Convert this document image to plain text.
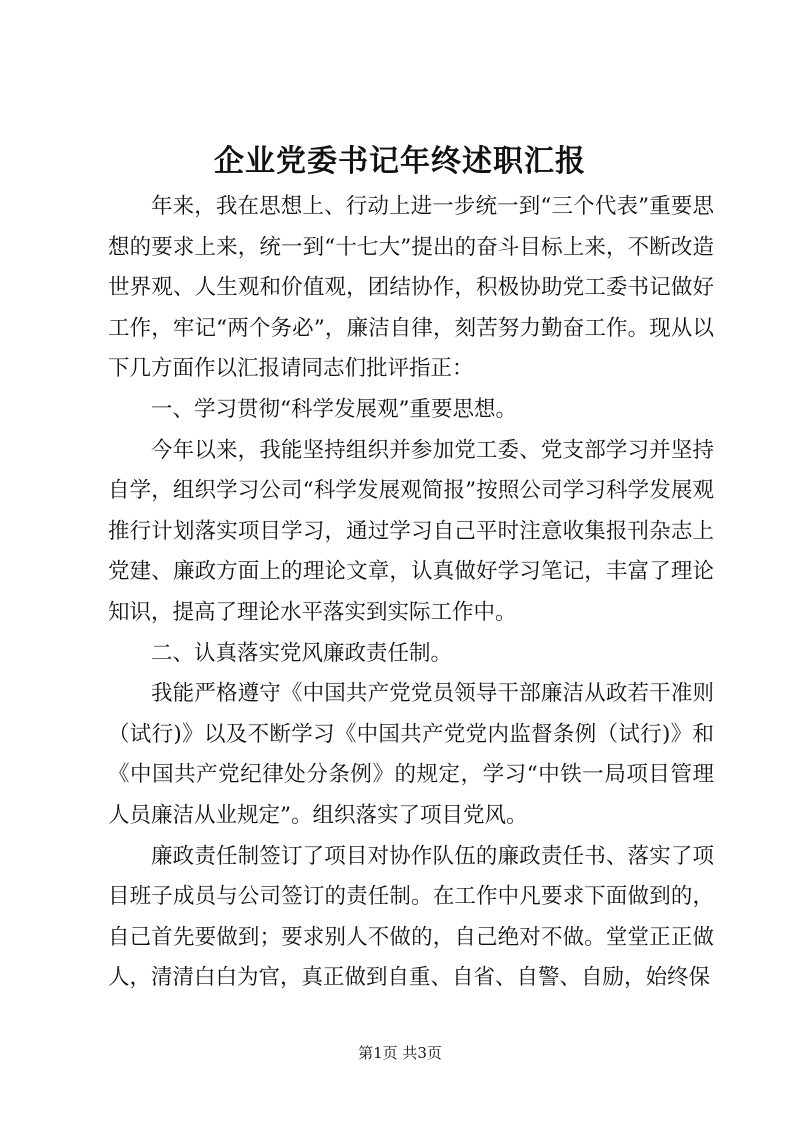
企业党委书记年终述职汇报

年来，我在思想上、行动上进一步统一到“三个代表”重要思想的要求上来，统一到“十七大”提出的奋斗目标上来，不断改造世界观、人生观和价值观，团结协作，积极协助党工委书记做好工作，牢记“两个务必”，廉洁自律，刻苦努力勤奋工作。现从以下几方面作以汇报请同志们批评指正：

一、学习贯彻“科学发展观”重要思想。

今年以来，我能坚持组织并参加党工委、党支部学习并坚持自学，组织学习公司“科学发展观简报”按照公司学习科学发展观推行计划落实项目学习，通过学习自己平时注意收集报刊杂志上党建、廉政方面上的理论文章，认真做好学习笔记，丰富了理论知识，提高了理论水平落实到实际工作中。

二、认真落实党风廉政责任制。

我能严格遵守《中国共产党党员领导干部廉洁从政若干准则（试行)》以及不断学习《中国共产党党内监督条例（试行)》和《中国共产党纪律处分条例》的规定，学习“中铁一局项目管理人员廉洁从业规定”。组织落实了项目党风。

廉政责任制签订了项目对协作队伍的廉政责任书、落实了项目班子成员与公司签订的责任制。在工作中凡要求下面做到的，自己首先要做到；要求别人不做的，自己绝对不做。堂堂正正做人，清清白白为官，真正做到自重、自省、自警、自励，始终保

第1页 共3页
